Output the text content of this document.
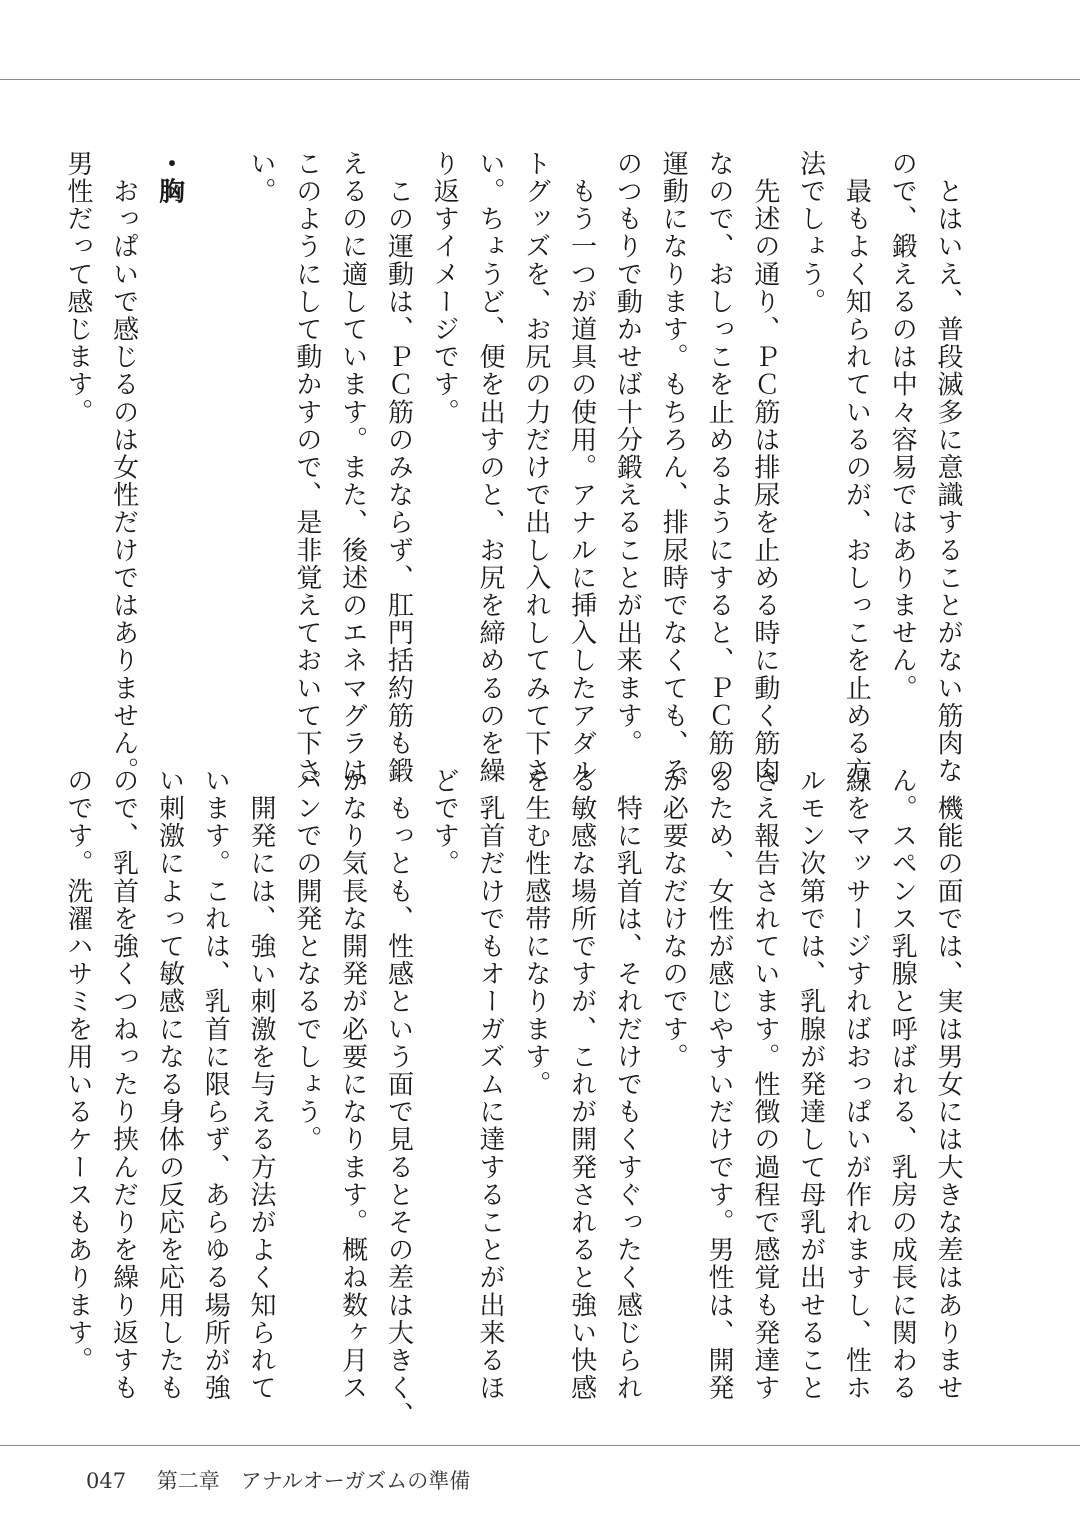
　とはいえ、普段滅多に意識することがない筋肉な
ので、鍛えるのは中々容易ではありません。
　最もよく知られているのが、おしっこを止める方
法でしょう。
　先述の通り、ＰＣ筋は排尿を止める時に動く筋肉
なので、おしっこを止めるようにすると、ＰＣ筋の
運動になります。もちろん、排尿時でなくても、そ
のつもりで動かせば十分鍛えることが出来ます。
　もう一つが道具の使用。アナルに挿入したアダル
トグッズを、お尻の力だけで出し入れしてみて下さ
い。ちょうど、便を出すのと、お尻を締めるのを繰
り返すイメージです。
　この運動は、ＰＣ筋のみならず、肛門括約筋も鍛
えるのに適しています。また、後述のエネマグラは
このようにして動かすので、是非覚えておいて下さ
い。

・胸
　おっぱいで感じるのは女性だけではありません。
男性だって感じます。
　機能の面では、実は男女には大きな差はありませ
ん。スペンス乳腺と呼ばれる、乳房の成長に関わる
線をマッサージすればおっぱいが作れますし、性ホ
ルモン次第では、乳腺が発達して母乳が出せること
さえ報告されています。性徴の過程で感覚も発達す
るため、女性が感じやすいだけです。男性は、開発
が必要なだけなのです。
　特に乳首は、それだけでもくすぐったく感じられ
る敏感な場所ですが、これが開発されると強い快感
を生む性感帯になります。
　乳首だけでもオーガズムに達することが出来るほ
どです。
　もっとも、性感という面で見るとその差は大きく、
かなり気長な開発が必要になります。概ね数ヶ月ス
パンでの開発となるでしょう。
　開発には、強い刺激を与える方法がよく知られて
います。これは、乳首に限らず、あらゆる場所が強
い刺激によって敏感になる身体の反応を応用したも
ので、乳首を強くつねったり挟んだりを繰り返すも
のです。洗濯ハサミを用いるケースもあります。
047 第二章　アナルオーガズムの準備
